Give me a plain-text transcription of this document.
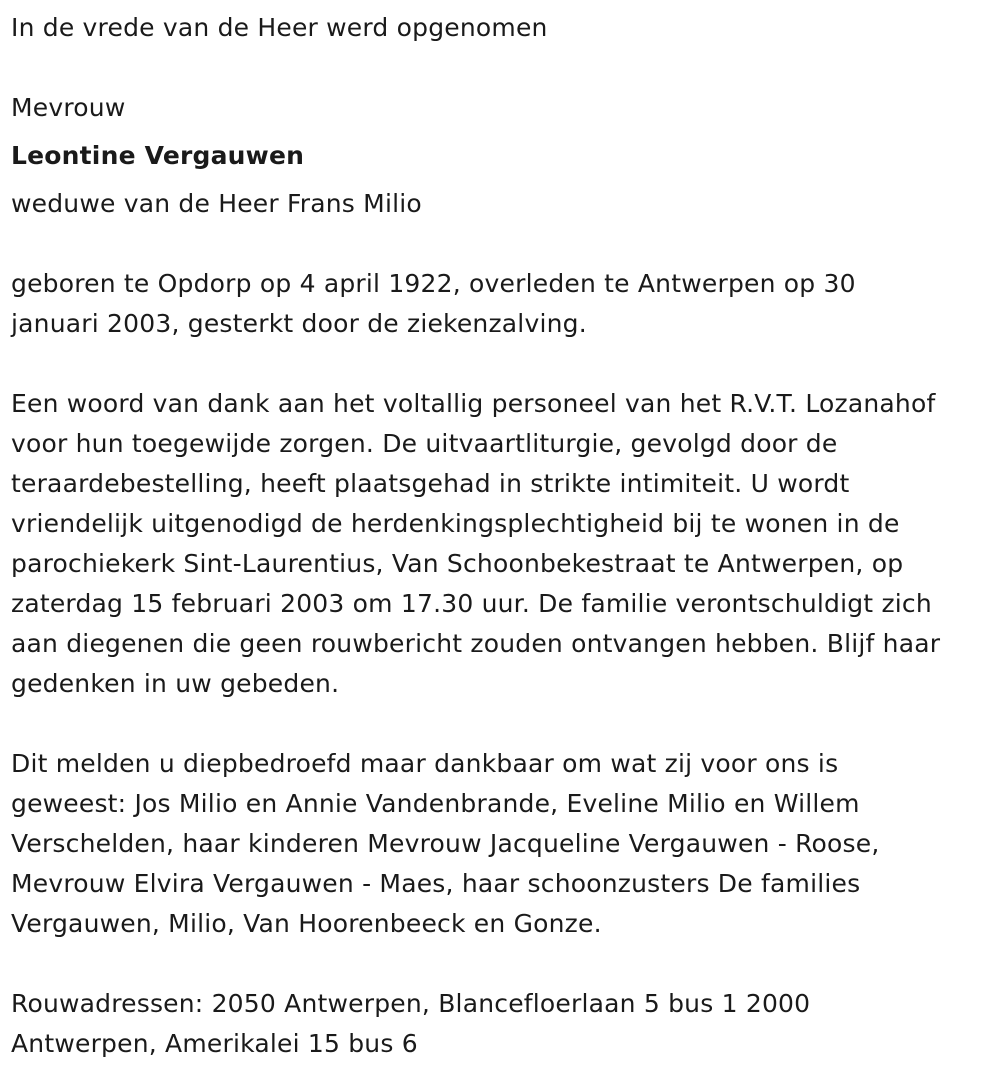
In de vrede van de Heer werd opgenomen
Mevrouw
Leontine Vergauwen
weduwe van de Heer Frans Milio
geboren te Opdorp op 4 april 1922, overleden te Antwerpen op 30
januari 2003, gesterkt door de ziekenzalving.
Een woord van dank aan het voltallig personeel van het R.V.T. Lozanahof
voor hun toegewijde zorgen. De uitvaartliturgie, gevolgd door de
teraardebestelling, heeft plaatsgehad in strikte intimiteit. U wordt
vriendelijk uitgenodigd de herdenkingsplechtigheid bij te wonen in de
parochiekerk Sint-Laurentius, Van Schoonbekestraat te Antwerpen, op
zaterdag 15 februari 2003 om 17.30 uur. De familie verontschuldigt zich
aan diegenen die geen rouwbericht zouden ontvangen hebben. Blijf haar
gedenken in uw gebeden.
Dit melden u diepbedroefd maar dankbaar om wat zij voor ons is
geweest: Jos Milio en Annie Vandenbrande, Eveline Milio en Willem
Verschelden, haar kinderen Mevrouw Jacqueline Vergauwen - Roose,
Mevrouw Elvira Vergauwen - Maes, haar schoonzusters De families
Vergauwen, Milio, Van Hoorenbeeck en Gonze.
Rouwadressen: 2050 Antwerpen, Blancefloerlaan 5 bus 1 2000
Antwerpen, Amerikalei 15 bus 6
